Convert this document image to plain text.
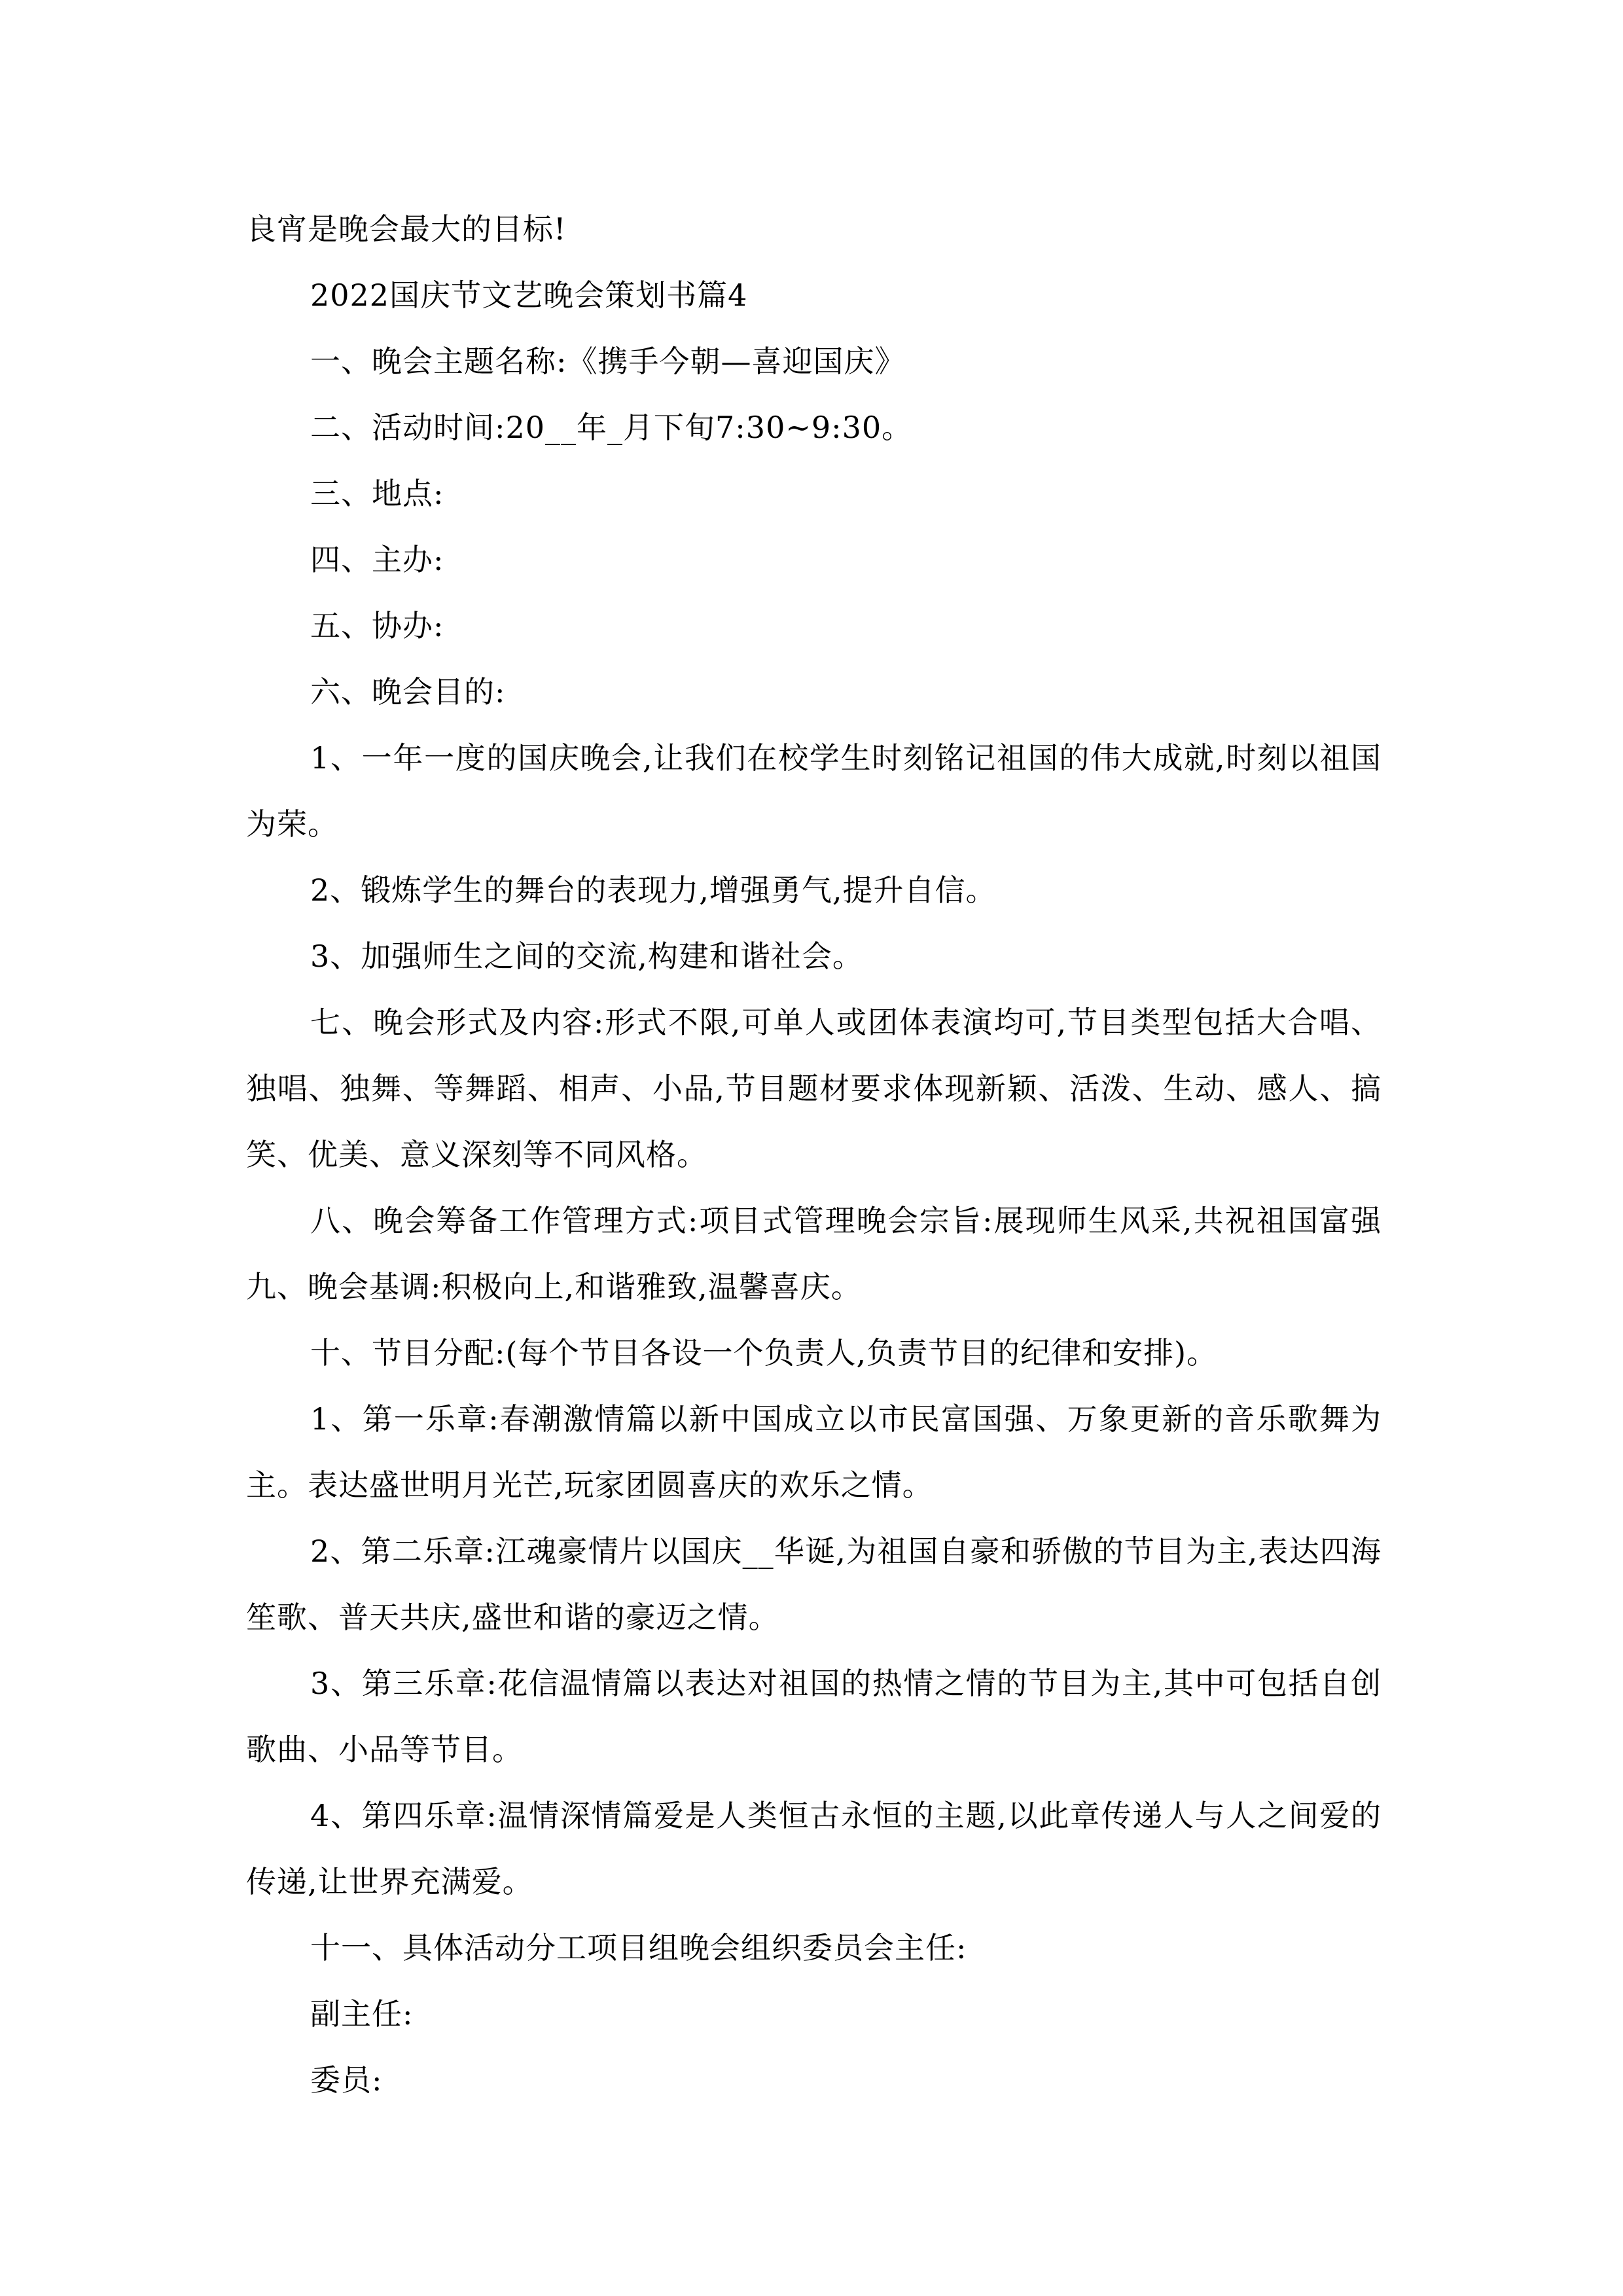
良宵是晚会最大的目标!

2022国庆节文艺晚会策划书篇4

一、晚会主题名称:《携手今朝—喜迎国庆》

二、活动时间:20__年_月下旬7:30~9:30。

三、地点:

四、主办:

五、协办:

六、晚会目的:

1、一年一度的国庆晚会,让我们在校学生时刻铭记祖国的伟大成就,时刻以祖国为荣。

2、锻炼学生的舞台的表现力,增强勇气,提升自信。

3、加强师生之间的交流,构建和谐社会。

七、晚会形式及内容:形式不限,可单人或团体表演均可,节目类型包括大合唱、独唱、独舞、等舞蹈、相声、小品,节目题材要求体现新颖、活泼、生动、感人、搞笑、优美、意义深刻等不同风格。

八、晚会筹备工作管理方式:项目式管理晚会宗旨:展现师生风采,共祝祖国富强九、晚会基调:积极向上,和谐雅致,温馨喜庆。

十、节目分配:(每个节目各设一个负责人,负责节目的纪律和安排)。

1、第一乐章:春潮激情篇以新中国成立以市民富国强、万象更新的音乐歌舞为主。表达盛世明月光芒,玩家团圆喜庆的欢乐之情。

2、第二乐章:江魂豪情片以国庆__华诞,为祖国自豪和骄傲的节目为主,表达四海笙歌、普天共庆,盛世和谐的豪迈之情。

3、第三乐章:花信温情篇以表达对祖国的热情之情的节目为主,其中可包括自创歌曲、小品等节目。

4、第四乐章:温情深情篇爱是人类恒古永恒的主题,以此章传递人与人之间爱的传递,让世界充满爱。

十一、具体活动分工项目组晚会组织委员会主任:

副主任:

委员:
